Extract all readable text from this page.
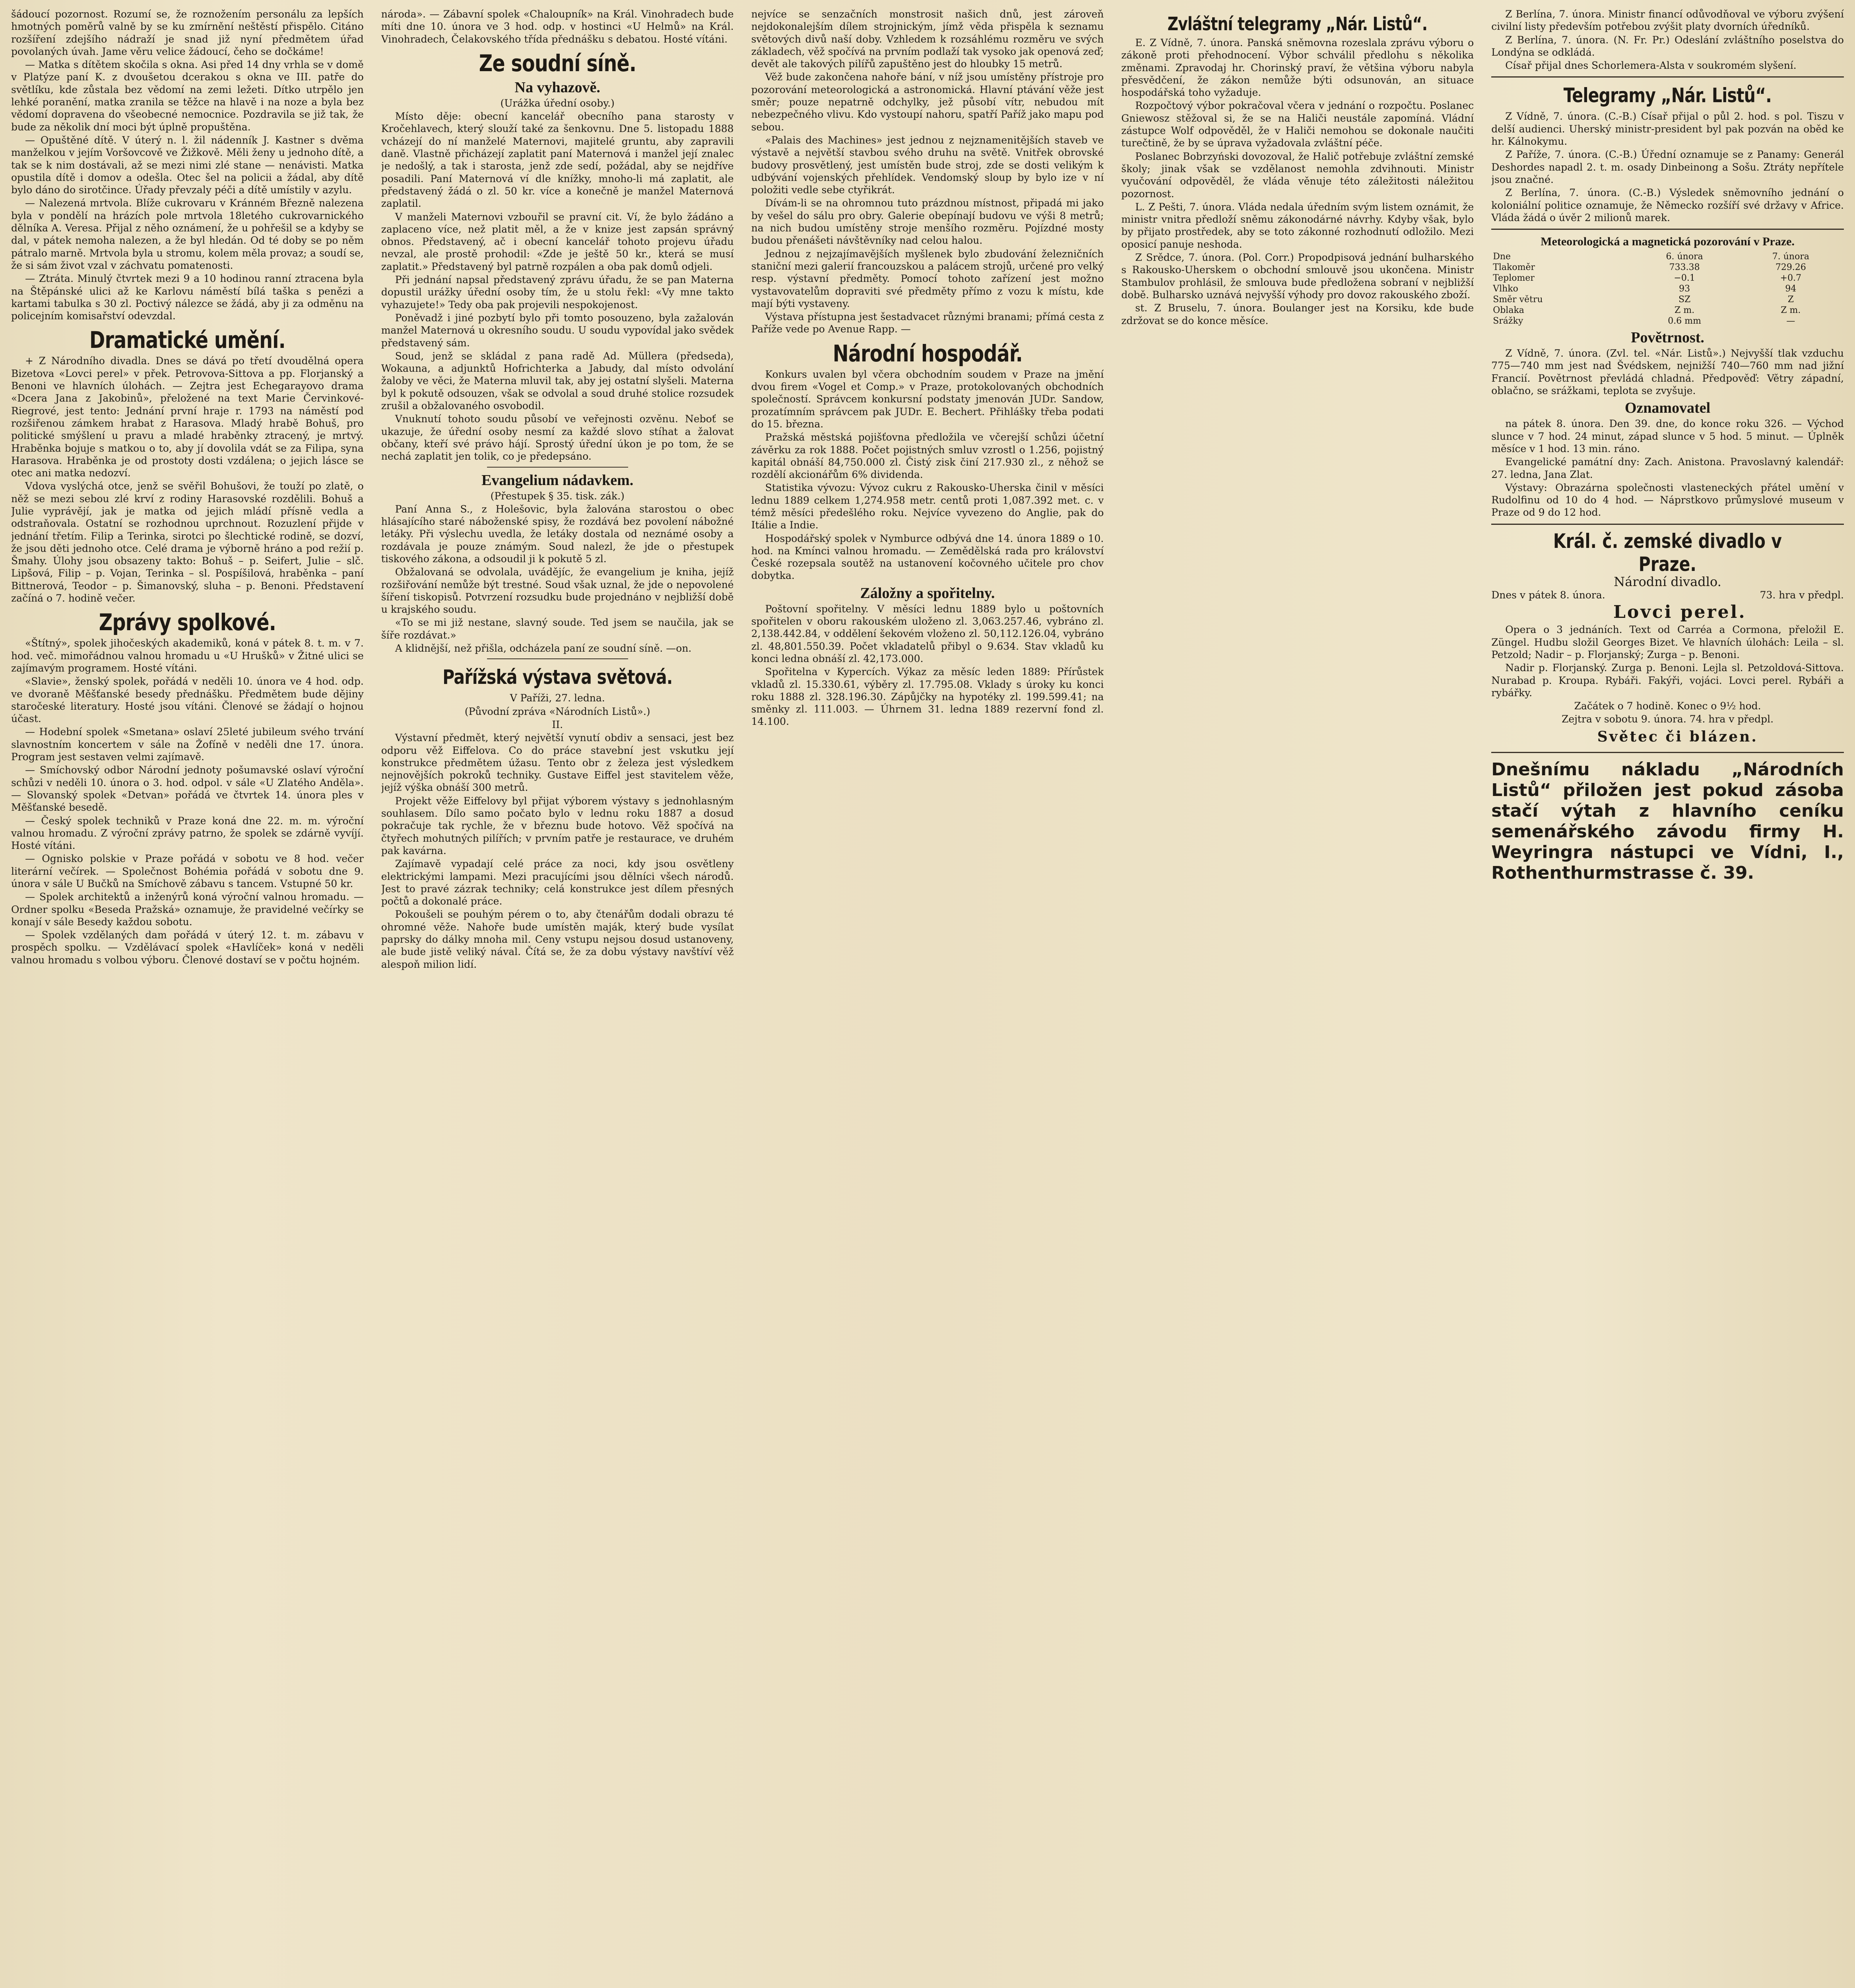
šádoucí pozornost. Rozumí se, že roznožením personálu za lepších hmotných poměrů valně by se ku zmírnění neštěstí přispělo. Citáno rozšíření zdejšího nádraží je snad již nyní předmětem úřad povolaných úvah. Jame věru velice žádoucí, čeho se dočkáme!

— Matka s dítětem skočila s okna. Asi před 14 dny vrhla se v domě v Platýze paní K. z dvoušetou dcerakou s okna ve III. patře do světlíku, kde zůstala bez vědomí na zemi ležeti. Dítko utrpělo jen lehké poranění, matka zranila se těžce na hlavě i na noze a byla bez vědomí dopravena do všeobecné nemocnice. Pozdravila se již tak, že bude za několik dní moci být úplně propuštěna.

— Opuštěné dítě. V úterý n. l. žil nádenník J. Kastner s dvěma manželkou v jejím Voršovcově ve Žižkově. Měli ženy u jednoho dítě, a tak se k nim dostávali, až se mezi nimi zlé stane — nenávisti. Matka opustila dítě i domov a odešla. Otec šel na policii a žádal, aby dítě bylo dáno do sirotčince. Úřady převzaly péči a dítě umístily v azylu.

— Nalezená mrtvola. Blíže cukrovaru v Kránném Březně nalezena byla v pondělí na hrázích pole mrtvola 18letého cukrovarnického dělníka A. Veresa. Přijal z něho oznámení, že u pohřešil se a kdyby se dal, v pátek nemoha nalezen, a že byl hledán. Od té doby se po něm pátralo marně. Mrtvola byla u stromu, kolem měla provaz; a soudí se, že si sám život vzal v záchvatu pomatenosti.

— Ztráta. Minulý čtvrtek mezi 9 a 10 hodinou ranní ztracena byla na Štěpánské ulici až ke Karlovu náměstí bílá taška s penězi a kartami tabulka s 30 zl. Poctivý nálezce se žádá, aby ji za odměnu na policejním komisařství odevzdal.

Dramatické umění.

+ Z Národního divadla. Dnes se dává po třetí dvoudělná opera Bizetova «Lovci perel» v přek. Petrovova-Sittova a pp. Florjanský a Benoni ve hlavních úlohách. — Zejtra jest Echegarayovo drama «Dcera Jana z Jakobinů», přeložené na text Marie Červinkové-Riegrové, jest tento: Jednání první hraje r. 1793 na náměstí pod rozšiřenou zámkem hrabat z Harasova. Mladý hrabě Bohuš, pro politické smýšlení u pravu a mladé hraběnky ztracený, je mrtvý. Hraběnka bojuje s matkou o to, aby jí dovolila vdát se za Filipa, syna Harasova. Hraběnka je od prostoty dosti vzdálena; o jejich lásce se otec ani matka nedozví.

Vdova vyslýchá otce, jenž se svěřil Bohušovi, že touží po zlatě, o něž se mezi sebou zlé krví z rodiny Harasovské rozdělili. Bohuš a Julie vyprávějí, jak je matka od jejich mládí přísně vedla a odstraňovala. Ostatní se rozhodnou uprchnout. Rozuzlení přijde v jednání třetím. Filip a Terinka, sirotci po šlechtické rodině, se dozví, že jsou děti jednoho otce. Celé drama je výborně hráno a pod režií p. Šmahy. Úlohy jsou obsazeny takto: Bohuš – p. Seifert, Julie – slč. Lipšová, Filip – p. Vojan, Terinka – sl. Pospíšilová, hraběnka – paní Bittnerová, Teodor – p. Šimanovský, sluha – p. Benoni. Představení začíná o 7. hodině večer.

Zprávy spolkové.

«Štítný», spolek jihočeských akademiků, koná v pátek 8. t. m. v 7. hod. več. mimořádnou valnou hromadu u «U Hrušků» v Žitné ulici se zajímavým programem. Hosté vítáni.

«Slavie», ženský spolek, pořádá v neděli 10. února ve 4 hod. odp. ve dvoraně Měšťanské besedy přednášku. Předmětem bude dějiny staročeské literatury. Hosté jsou vítáni. Členové se žádají o hojnou účast.

— Hodební spolek «Smetana» oslaví 25leté jubileum svého trvání slavnostním koncertem v sále na Žofíně v neděli dne 17. února. Program jest sestaven velmi zajímavě.

— Smíchovský odbor Národní jednoty pošumavské oslaví výroční schůzi v neděli 10. února o 3. hod. odpol. v sále «U Zlatého Anděla». — Slovanský spolek «Detvan» pořádá ve čtvrtek 14. února ples v Měšťanské besedě.

— Český spolek techniků v Praze koná dne 22. m. m. výroční valnou hromadu. Z výroční zprávy patrno, že spolek se zdárně vyvíjí. Hosté vítáni.

— Ognisko polskie v Praze pořádá v sobotu ve 8 hod. večer literární večírek. — Společnost Bohémia pořádá v sobotu dne 9. února v sále U Bučků na Smíchově zábavu s tancem. Vstupné 50 kr.

— Spolek architektů a inženýrů koná výroční valnou hromadu. — Ordner spolku «Beseda Pražská» oznamuje, že pravidelné večírky se konají v sále Besedy každou sobotu.

— Spolek vzdělaných dam pořádá v úterý 12. t. m. zábavu v prospěch spolku. — Vzdělávací spolek «Havlíček» koná v neděli valnou hromadu s volbou výboru. Členové dostaví se v počtu hojném.

národa». — Zábavní spolek «Chaloupník» na Král. Vinohradech bude míti dne 10. února ve 3 hod. odp. v hostinci «U Helmů» na Král. Vinohradech, Čelakovského třída přednášku s debatou. Hosté vítáni.

Ze soudní síně.
Na vyhazově.

(Urážka úřední osoby.)

Místo děje: obecní kancelář obecního pana starosty v Kročehlavech, který slouží také za šenkovnu. Dne 5. listopadu 1888 vcházejí do ní manželé Maternovi, majitelé gruntu, aby zapravili daně. Vlastně přicházejí zaplatit paní Maternová i manžel její znalec je nedošlý, a tak i starosta, jenž zde sedí, požádal, aby se nejdříve posadili. Paní Maternová ví dle knížky, mnoho-li má zaplatit, ale představený žádá o zl. 50 kr. více a konečně je manžel Maternová zaplatil.

V manželi Maternovi vzbouřil se pravní cit. Ví, že bylo žádáno a zaplaceno více, než platit měl, a že v knize jest zapsán správný obnos. Představený, ač i obecní kancelář tohoto projevu úřadu nevzal, ale prostě prohodil: «Zde je ještě 50 kr., která se musí zaplatit.» Představený byl patrně rozpálen a oba pak domů odjeli.

Při jednání napsal představený zprávu úřadu, že se pan Materna dopustil urážky úřední osoby tím, že u stolu řekl: «Vy mne takto vyhazujete!» Tedy oba pak projevili nespokojenost.

Poněvadž i jiné pozbytí bylo při tomto posouzeno, byla zažalován manžel Maternová u okresního soudu. U soudu vypovídal jako svědek představený sám.

Soud, jenž se skládal z pana radě Ad. Müllera (předseda), Wokauna, a adjunktů Hofrichterka a Jabudy, dal místo odvolání žaloby ve věci, že Materna mluvil tak, aby jej ostatní slyšeli. Materna byl k pokutě odsouzen, však se odvolal a soud druhé stolice rozsudek zrušil a obžalovaného osvobodil.

Vnuknutí tohoto soudu působí ve veřejnosti ozvěnu. Neboť se ukazuje, že úřední osoby nesmí za každé slovo stíhat a žalovat občany, kteří své právo hájí. Sprostý úřední úkon je po tom, že se nechá zaplatit jen tolik, co je předepsáno.

Evangelium nádavkem.

(Přestupek § 35. tisk. zák.)

Paní Anna S., z Holešovic, byla žalována starostou o obec hlásajícího staré náboženské spisy, že rozdává bez povolení nábožné letáky. Při výslechu uvedla, že letáky dostala od neznámé osoby a rozdávala je pouze známým. Soud nalezl, že jde o přestupek tiskového zákona, a odsoudil ji k pokutě 5 zl.

Obžalovaná se odvolala, uvádějíc, že evangelium je kniha, jejíž rozšiřování nemůže být trestné. Soud však uznal, že jde o nepovolené šíření tiskopisů. Potvrzení rozsudku bude projednáno v nejbližší době u krajského soudu.

«To se mi již nestane, slavný soude. Ted jsem se naučila, jak se šíře rozdávat.»

A klidnější, než přišla, odcházela paní ze soudní síně. —on.

Pařížská výstava světová.

V Paříži, 27. ledna.

(Původní zpráva «Národních Listů».)

II.

Výstavní předmět, který největší vynutí obdiv a sensaci, jest bez odporu věž Eiffelova. Co do práce stavební jest vskutku její konstrukce předmětem úžasu. Tento obr z železa jest výsledkem nejnovějších pokroků techniky. Gustave Eiffel jest stavitelem věže, jejíž výška obnáší 300 metrů.

Projekt věže Eiffelovy byl přijat výborem výstavy s jednohlasným souhlasem. Dílo samo počato bylo v lednu roku 1887 a dosud pokračuje tak rychle, že v březnu bude hotovo. Věž spočívá na čtyřech mohutných pilířích; v prvním patře je restaurace, ve druhém pak kavárna.

Zajímavě vypadají celé práce za noci, kdy jsou osvětleny elektrickými lampami. Mezi pracujícími jsou dělníci všech národů. Jest to pravé zázrak techniky; celá konstrukce jest dílem přesných počtů a dokonalé práce.

Pokoušeli se pouhým pérem o to, aby čtenářům dodali obrazu té ohromné věže. Nahoře bude umístěn maják, který bude vysílat paprsky do dálky mnoha mil. Ceny vstupu nejsou dosud ustanoveny, ale bude jistě veliký nával. Čítá se, že za dobu výstavy navštíví věž alespoň milion lidí.

nejvíce se senzačních monstrosit našich dnů, jest zároveň nejdokonalejším dílem strojnickým, jímž věda přispěla k seznamu světových divů naší doby. Vzhledem k rozsáhlému rozměru ve svých základech, věž spočívá na prvním podlaží tak vysoko jak openová zeď; devět ale takových pilířů zapuštěno jest do hloubky 15 metrů.

Věž bude zakončena nahoře bání, v níž jsou umístěny přístroje pro pozorování meteorologická a astronomická. Hlavní ptávání věže jest směr; pouze nepatrně odchylky, jež působí vítr, nebudou mít nebezpečného vlivu. Kdo vystoupí nahoru, spatří Paříž jako mapu pod sebou.

«Palais des Machines» jest jednou z nejznamenitějších staveb ve výstavě a největší stavbou svého druhu na světě. Vnitřek obrovské budovy prosvětlený, jest umístěn bude stroj, zde se dosti velikým k udbývání vojenských přehlídek. Vendomský sloup by bylo ize v ní položiti vedle sebe ctyřikrát.

Dívám-li se na ohromnou tuto prázdnou místnost, připadá mi jako by vešel do sálu pro obry. Galerie obepínají budovu ve výši 8 metrů; na nich budou umístěny stroje menšího rozměru. Pojízdné mosty budou přenášeti návštěvníky nad celou halou.

Jednou z nejzajímavějších myšlenek bylo zbudování železničních staniční mezi galerií francouzskou a palácem strojů, určené pro velký resp. výstavní předměty. Pomocí tohoto zařízení jest možno vystavovatelům dopraviti své předměty přímo z vozu k místu, kde mají býti vystaveny.

Výstava přístupna jest šestadvacet různými branami; přímá cesta z Paříže vede po Avenue Rapp. —

Národní hospodář.

Konkurs uvalen byl včera obchodním soudem v Praze na jmění dvou firem «Vogel et Comp.» v Praze, protokolovaných obchodních společností. Správcem konkursní podstaty jmenován JUDr. Sandow, prozatímním správcem pak JUDr. E. Bechert. Přihlášky třeba podati do 15. března.

Pražská městská pojišťovna předložila ve včerejší schůzi účetní závěrku za rok 1888. Počet pojistných smluv vzrostl o 1.256, pojistný kapitál obnáší 84,750.000 zl. Čistý zisk činí 217.930 zl., z něhož se rozdělí akcionářům 6% dividenda.

Statistika vývozu: Vývoz cukru z Rakousko-Uherska činil v měsíci lednu 1889 celkem 1,274.958 metr. centů proti 1,087.392 met. c. v témž měsíci předešlého roku. Nejvíce vyvezeno do Anglie, pak do Itálie a Indie.

Hospodářský spolek v Nymburce odbývá dne 14. února 1889 o 10. hod. na Kmínci valnou hromadu. — Zemědělská rada pro království České rozepsala soutěž na ustanovení kočovného učitele pro chov dobytka.

Záložny a spořitelny.

Poštovní spořitelny. V měsíci lednu 1889 bylo u poštovních spořitelen v oboru rakouském uloženo zl. 3,063.257.46, vybráno zl. 2,138.442.84, v oddělení šekovém vloženo zl. 50,112.126.04, vybráno zl. 48,801.550.39. Počet vkladatelů přibyl o 9.634. Stav vkladů ku konci ledna obnáší zl. 42,173.000.

Spořitelna v Kypercích. Výkaz za měsíc leden 1889: Přírůstek vkladů zl. 15.330.61, výběry zl. 17.795.08. Vklady s úroky ku konci roku 1888 zl. 328.196.30. Zápůjčky na hypotéky zl. 199.599.41; na směnky zl. 111.003. — Úhrnem 31. ledna 1889 rezervní fond zl. 14.100.

Zvláštní telegramy „Nár. Listů“.

E. Z Vídně, 7. února. Panská sněmovna rozeslala zprávu výboru o zákoně proti přehodnocení. Výbor schválil předlohu s několika změnami. Zpravodaj hr. Chorinský praví, že většina výboru nabyla přesvědčení, že zákon nemůže býti odsunován, an situace hospodářská toho vyžaduje.

Rozpočtový výbor pokračoval včera v jednání o rozpočtu. Poslanec Gniewosz stěžoval si, že se na Haliči neustále zapomíná. Vládní zástupce Wolf odpověděl, že v Haliči nemohou se dokonale naučiti turečtině, že by se úprava vyžadovala zvláštní péče.

Poslanec Bobrzyński dovozoval, že Halič potřebuje zvláštní zemské školy; jinak však se vzdělanost nemohla zdvihnouti. Ministr vyučování odpověděl, že vláda věnuje této záležitosti náležitou pozornost.

L. Z Pešti, 7. února. Vláda nedala úředním svým listem oznámit, že ministr vnitra předloží sněmu zákonodárné návrhy. Kdyby však, bylo by přijato prostředek, aby se toto zákonné rozhodnutí odložilo. Mezi oposicí panuje neshoda.

Z Srědce, 7. února. (Pol. Corr.) Propodpisová jednání bulharského s Rakousko-Uherskem o obchodní smlouvě jsou ukončena. Ministr Stambulov prohlásil, že smlouva bude předložena sobraní v nejbližší době. Bulharsko uznává nejvyšší výhody pro dovoz rakouského zboží.

st. Z Bruselu, 7. února. Boulanger jest na Korsiku, kde bude zdržovat se do konce měsíce.

Z Berlína, 7. února. Ministr financí odůvodňoval ve výboru zvýšení civilní listy především potřebou zvýšit platy dvorních úředníků.

Z Berlína, 7. února. (N. Fr. Pr.) Odeslání zvláštního poselstva do Londýna se odkládá.

Císař přijal dnes Schorlemera-Alsta v soukromém slyšení.

Telegramy „Nár. Listů“.

Z Vídně, 7. února. (C.-B.) Císař přijal o půl 2. hod. s pol. Tiszu v delší audienci. Uherský ministr-president byl pak pozván na oběd ke hr. Kálnokymu.

Z Paříže, 7. února. (C.-B.) Úřední oznamuje se z Panamy: Generál Deshordes napadl 2. t. m. osady Dinbeinong a Sošu. Ztráty nepřítele jsou značné.

Z Berlína, 7. února. (C.-B.) Výsledek sněmovního jednání o koloniální politice oznamuje, že Německo rozšíří své državy v Africe. Vláda žádá o úvěr 2 milionů marek.

Meteorologická a magnetická pozorování v Praze.
Dne	6. února	7. února
Tlakoměr	733.38	729.26
Teplomer	−0.1	+0.7
Vlhko	93	94
Směr větru	SZ	Z
Oblaka	Z m.	Z m.
Srážky	0.6 mm	—
Povětrnost.

Z Vídně, 7. února. (Zvl. tel. «Nár. Listů».) Nejvyšší tlak vzduchu 775—740 mm jest nad Švédskem, nejnižší 740—760 mm nad jižní Francií. Povětrnost převládá chladná. Předpověď: Větry západní, oblačno, se srážkami, teplota se zvyšuje.

Oznamovatel

na pátek 8. února. Den 39. dne, do konce roku 326. — Východ slunce v 7 hod. 24 minut, západ slunce v 5 hod. 5 minut. — Úplněk měsíce v 1 hod. 13 min. ráno.

Evangelické památní dny: Zach. Anistona. Pravoslavný kalendář: 27. ledna, Jana Zlat.

Výstavy: Obrazárna společnosti vlasteneckých přátel umění v Rudolfinu od 10 do 4 hod. — Náprstkovo průmyslové museum v Praze od 9 do 12 hod.

Král. č. zemské divadlo v Praze.

Národní divadlo.

Dnes v pátek 8. února.	73. hra v předpl.

Lovci perel.

Opera o 3 jednáních. Text od Carréa a Cormona, přeložil E. Züngel. Hudbu složil Georges Bizet. Ve hlavních úlohách: Leila – sl. Petzold; Nadir – p. Florjanský; Zurga – p. Benoni.

Nadir p. Florjanský. Zurga p. Benoni. Lejla sl. Petzoldová-Sittova. Nurabad p. Kroupa. Rybáři. Fakýři, vojáci. Lovci perel. Rybáři a rybářky.

Začátek o 7 hodině. Konec o 9½ hod.

Zejtra v sobotu 9. února. 74. hra v předpl.

Světec či blázen.

Dnešnímu nákladu „Národních Listů“ přiložen jest pokud zásoba stačí výtah z hlavního ceníku semenářského závodu firmy H. Weyringra nástupci ve Vídni, I., Rothenthurmstrasse č. 39.
